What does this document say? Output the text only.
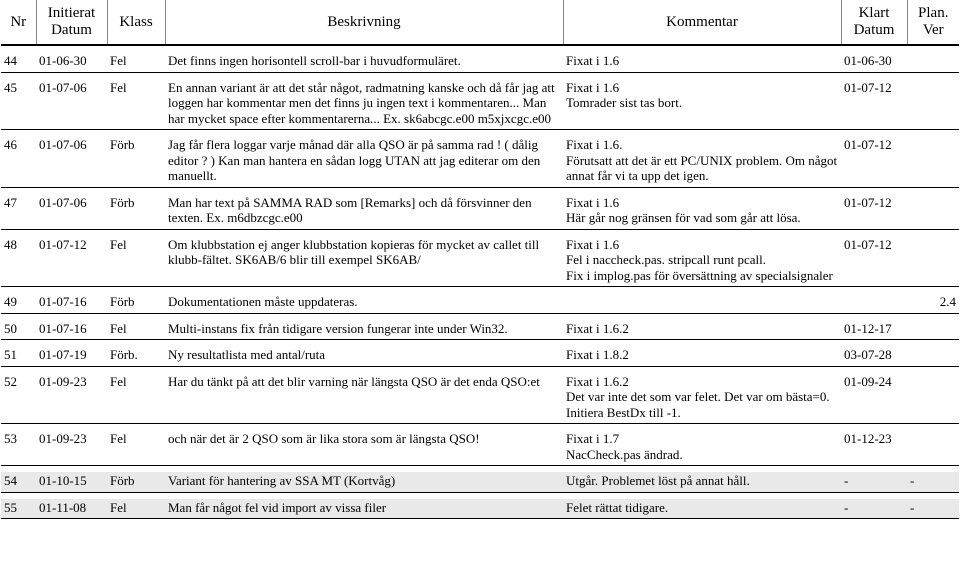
Nr	Initierat
Datum	Klass	Beskrivning	Kommentar	Klart
Datum	Plan.
Ver

44	01-06-30	Fel	Det finns ingen horisontell scroll-bar i huvudformuläret.	Fixat i 1.6	01-06-30	

45	01-07-06	Fel	En annan variant är att det står något, radmatning kanske och då får jag att loggen har kommentar men det finns ju ingen text i kommentaren... Man har mycket space efter kommentarerna... Ex. sk6abcgc.e00 m5xjxcgc.e00	Fixat i 1.6
Tomrader sist tas bort.	01-07-12	

46	01-07-06	Förb	Jag får flera loggar varje månad där alla QSO är på samma rad ! ( dålig editor ? ) Kan man hantera en sådan logg UTAN att jag editerar om den manuellt.	Fixat i 1.6.
Förutsatt att det är ett PC/UNIX problem. Om något annat får vi ta upp det igen.	01-07-12	

47	01-07-06	Förb	Man har text på SAMMA RAD som [Remarks] och då försvinner den texten. Ex. m6dbzcgc.e00	Fixat i 1.6
Här går nog gränsen för vad som går att lösa.	01-07-12	

48	01-07-12	Fel	Om klubbstation ej anger klubbstation kopieras för mycket av callet till klubb-fältet. SK6AB/6 blir till exempel SK6AB/	Fixat i 1.6
Fel i naccheck.pas. stripcall runt pcall.
Fix i implog.pas för översättning av specialsignaler	01-07-12	

49	01-07-16	Förb	Dokumentationen måste uppdateras.			2.4

50	01-07-16	Fel	Multi-instans fix från tidigare version fungerar inte under Win32.	Fixat i 1.6.2	01-12-17	

51	01-07-19	Förb.	Ny resultatlista med antal/ruta	Fixat i 1.8.2	03-07-28	

52	01-09-23	Fel	Har du tänkt på att det blir varning när längsta QSO är det enda QSO:et	Fixat i 1.6.2
Det var inte det som var felet. Det var om bästa=0. Initiera BestDx till -1.	01-09-24	

53	01-09-23	Fel	och när det är 2 QSO som är lika stora som är längsta QSO!	Fixat i 1.7
NacCheck.pas ändrad.	01-12-23	

54	01-10-15	Förb	Variant för hantering av SSA MT (Kortvåg)	Utgår. Problemet löst på annat håll.	-	-

55	01-11-08	Fel	Man får något fel vid import av vissa filer	Felet rättat tidigare.	-	-
